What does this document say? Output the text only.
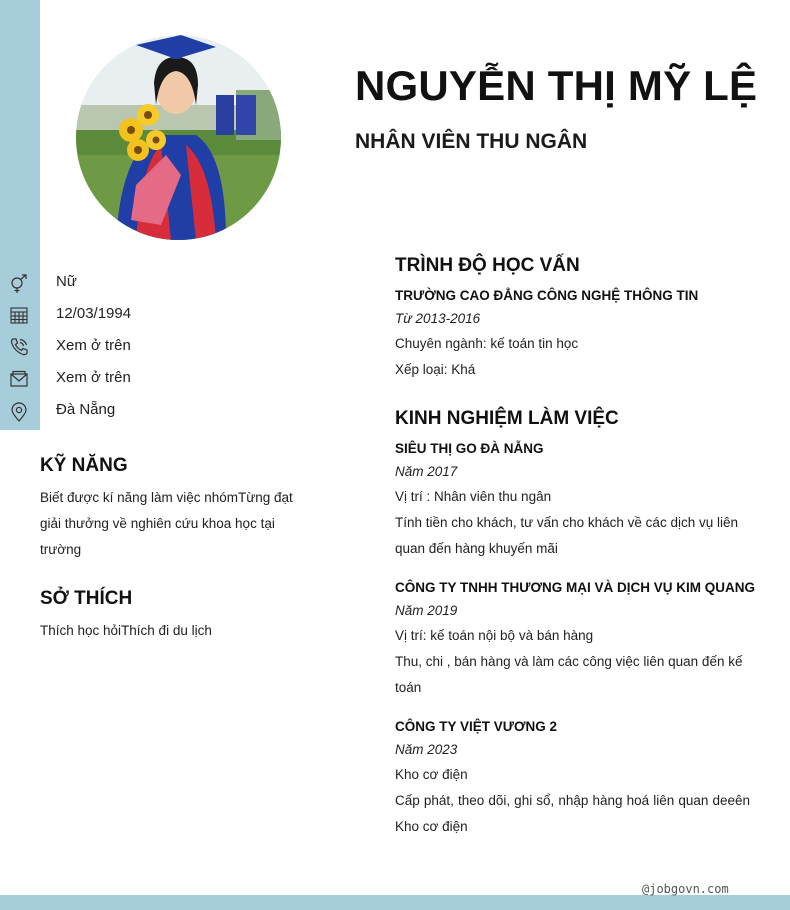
NGUYỄN THỊ MỸ LỆ
NHÂN VIÊN THU NGÂN
Nữ
12/03/1994
Xem ở trên
Xem ở trên
Đà Nẵng
KỸ NĂNG
Biết được kí năng làm việc nhómTừng đạt giải thưởng về nghiên cứu khoa học tại trường
SỞ THÍCH
Thích học hỏiThích đi du lịch
TRÌNH ĐỘ HỌC VẤN
TRƯỜNG CAO ĐẲNG CÔNG NGHỆ THÔNG TIN
Từ 2013-2016
Chuyên ngành: kế toán tin học
Xếp loại: Khá
KINH NGHIỆM LÀM VIỆC
SIÊU THỊ GO ĐÀ NẴNG
Năm 2017
Vị trí : Nhân viên thu ngân
Tính tiền cho khách, tư vấn cho khách về các dịch vụ liên quan đến hàng khuyến mãi
CÔNG TY TNHH THƯƠNG MẠI VÀ DỊCH VỤ KIM QUANG
Năm 2019
Vị trí: kế toán nội bộ và bán hàng
Thu, chi , bán hàng và làm các công việc liên quan đến kế toán
CÔNG TY VIỆT VƯƠNG 2
Năm 2023
Kho cơ điện
Cấp phát, theo dõi, ghi sổ, nhập hàng hoá liên quan deeên Kho cơ điện
@jobgovn.com
